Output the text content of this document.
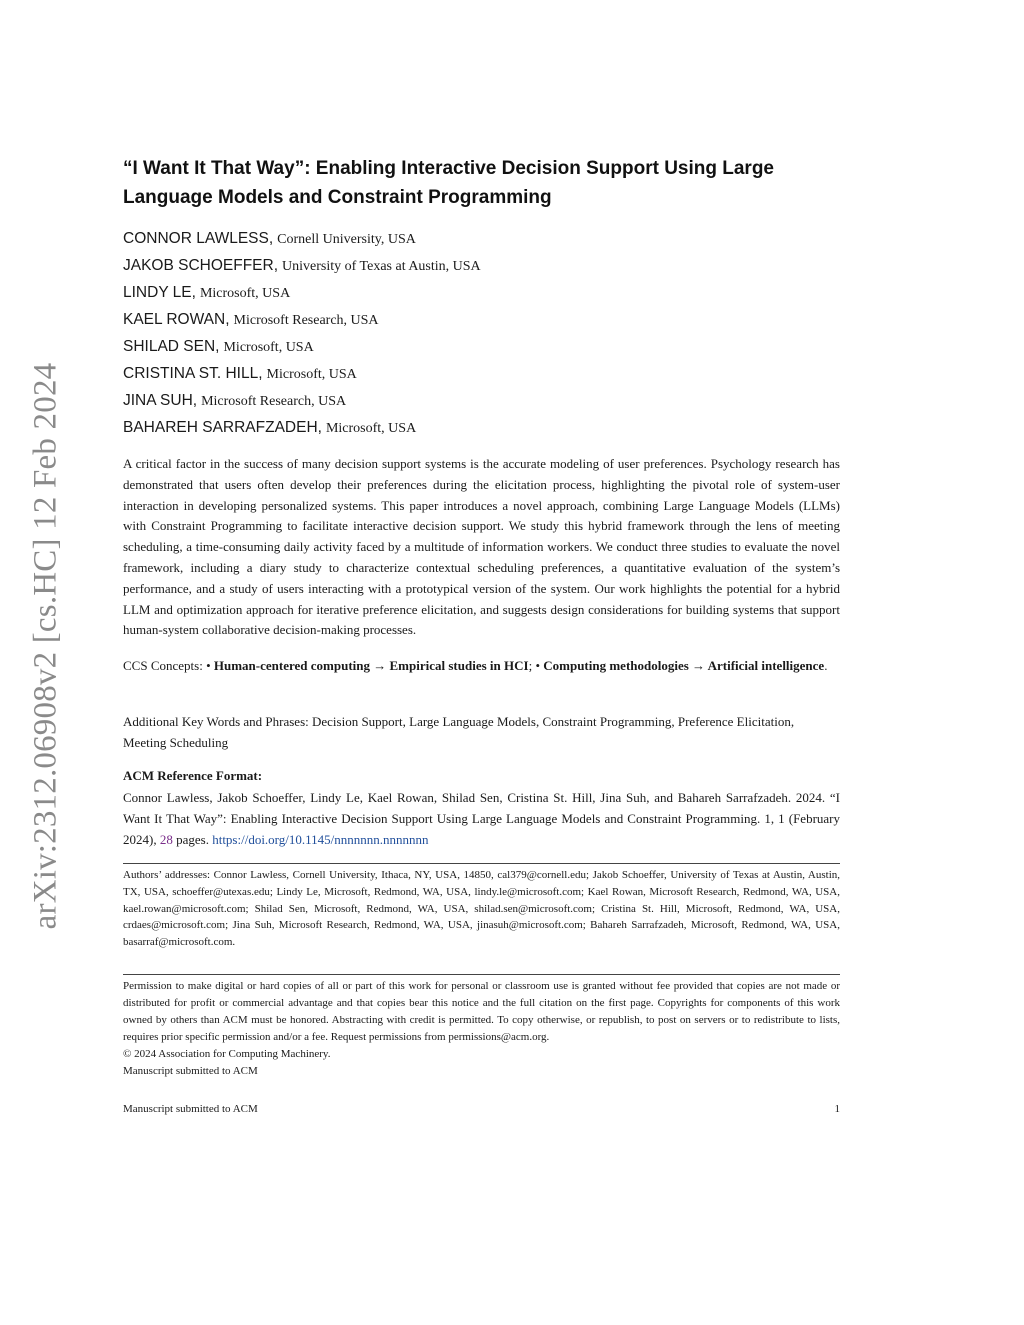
arXiv:2312.06908v2 [cs.HC] 12 Feb 2024
“I Want It That Way”: Enabling Interactive Decision Support Using Large Language Models and Constraint Programming
CONNOR LAWLESS, Cornell University, USA
JAKOB SCHOEFFER, University of Texas at Austin, USA
LINDY LE, Microsoft, USA
KAEL ROWAN, Microsoft Research, USA
SHILAD SEN, Microsoft, USA
CRISTINA ST. HILL, Microsoft, USA
JINA SUH, Microsoft Research, USA
BAHAREH SARRAFZADEH, Microsoft, USA

A critical factor in the success of many decision support systems is the accurate modeling of user preferences. Psychology research has demonstrated that users often develop their preferences during the elicitation process, highlighting the pivotal role of system-user interaction in developing personalized systems. This paper introduces a novel approach, combining Large Language Models (LLMs) with Constraint Programming to facilitate interactive decision support. We study this hybrid framework through the lens of meeting scheduling, a time-consuming daily activity faced by a multitude of information workers. We conduct three studies to evaluate the novel framework, including a diary study to characterize contextual scheduling preferences, a quantitative evaluation of the system’s performance, and a study of users interacting with a prototypical version of the system. Our work highlights the potential for a hybrid LLM and optimization approach for iterative preference elicitation, and suggests design considerations for building systems that support human-system collaborative decision-making processes.

CCS Concepts: • Human-centered computing → Empirical studies in HCI; • Computing methodologies → Artificial intelligence.

Additional Key Words and Phrases: Decision Support, Large Language Models, Constraint Programming, Preference Elicitation, Meeting Scheduling

ACM Reference Format:

Connor Lawless, Jakob Schoeffer, Lindy Le, Kael Rowan, Shilad Sen, Cristina St. Hill, Jina Suh, and Bahareh Sarrafzadeh. 2024. “I Want It That Way”: Enabling Interactive Decision Support Using Large Language Models and Constraint Programming. 1, 1 (February 2024), 28 pages. https://doi.org/10.1145/nnnnnnn.nnnnnnn

Authors’ addresses: Connor Lawless, Cornell University, Ithaca, NY, USA, 14850, cal379@cornell.edu; Jakob Schoeffer, University of Texas at Austin, Austin, TX, USA, schoeffer@utexas.edu; Lindy Le, Microsoft, Redmond, WA, USA, lindy.le@microsoft.com; Kael Rowan, Microsoft Research, Redmond, WA, USA, kael.rowan@microsoft.com; Shilad Sen, Microsoft, Redmond, WA, USA, shilad.sen@microsoft.com; Cristina St. Hill, Microsoft, Redmond, WA, USA, crdaes@microsoft.com; Jina Suh, Microsoft Research, Redmond, WA, USA, jinasuh@microsoft.com; Bahareh Sarrafzadeh, Microsoft, Redmond, WA, USA, basarraf@microsoft.com.

Permission to make digital or hard copies of all or part of this work for personal or classroom use is granted without fee provided that copies are not made or distributed for profit or commercial advantage and that copies bear this notice and the full citation on the first page. Copyrights for components of this work owned by others than ACM must be honored. Abstracting with credit is permitted. To copy otherwise, or republish, to post on servers or to redistribute to lists, requires prior specific permission and/or a fee. Request permissions from permissions@acm.org.

© 2024 Association for Computing Machinery.

Manuscript submitted to ACM

Manuscript submitted to ACM	1
